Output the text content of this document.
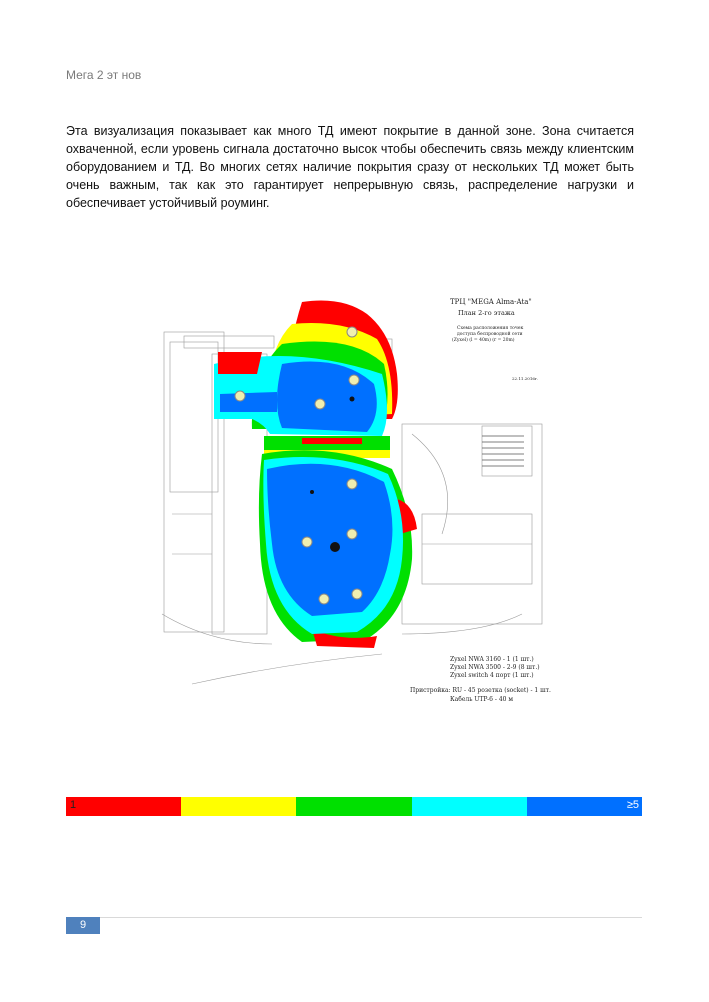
Мега 2 эт нов
Эта визуализация показывает как много ТД имеют покрытие в данной зоне. Зона считается охваченной, если уровень сигнала достаточно высок чтобы обеспечить связь между клиентским оборудованием и ТД. Во многих сетях наличие покрытия сразу от нескольких ТД может быть очень важным, так как это гарантирует непрерывную связь, распределение нагрузки и обеспечивает устойчивый роуминг.
ТРЦ "MEGA Alma-Ata"
План 2-го этажа
Схема расположения точек
доступа беспроводной сети
(Zyxel) (l = 40m) (r = 20m)
22.11.2016г.
Zyxel NWA 3160 - 1 (1 шт.)
Zyxel NWA 3500 - 2-9 (8 шт.)
Zyxel switch 4 порт (1 шт.)
Пристройка: RU - 45 розетка (socket) - 1 шт.
Кабель UTP-6 - 40 м
1	≥5
9
